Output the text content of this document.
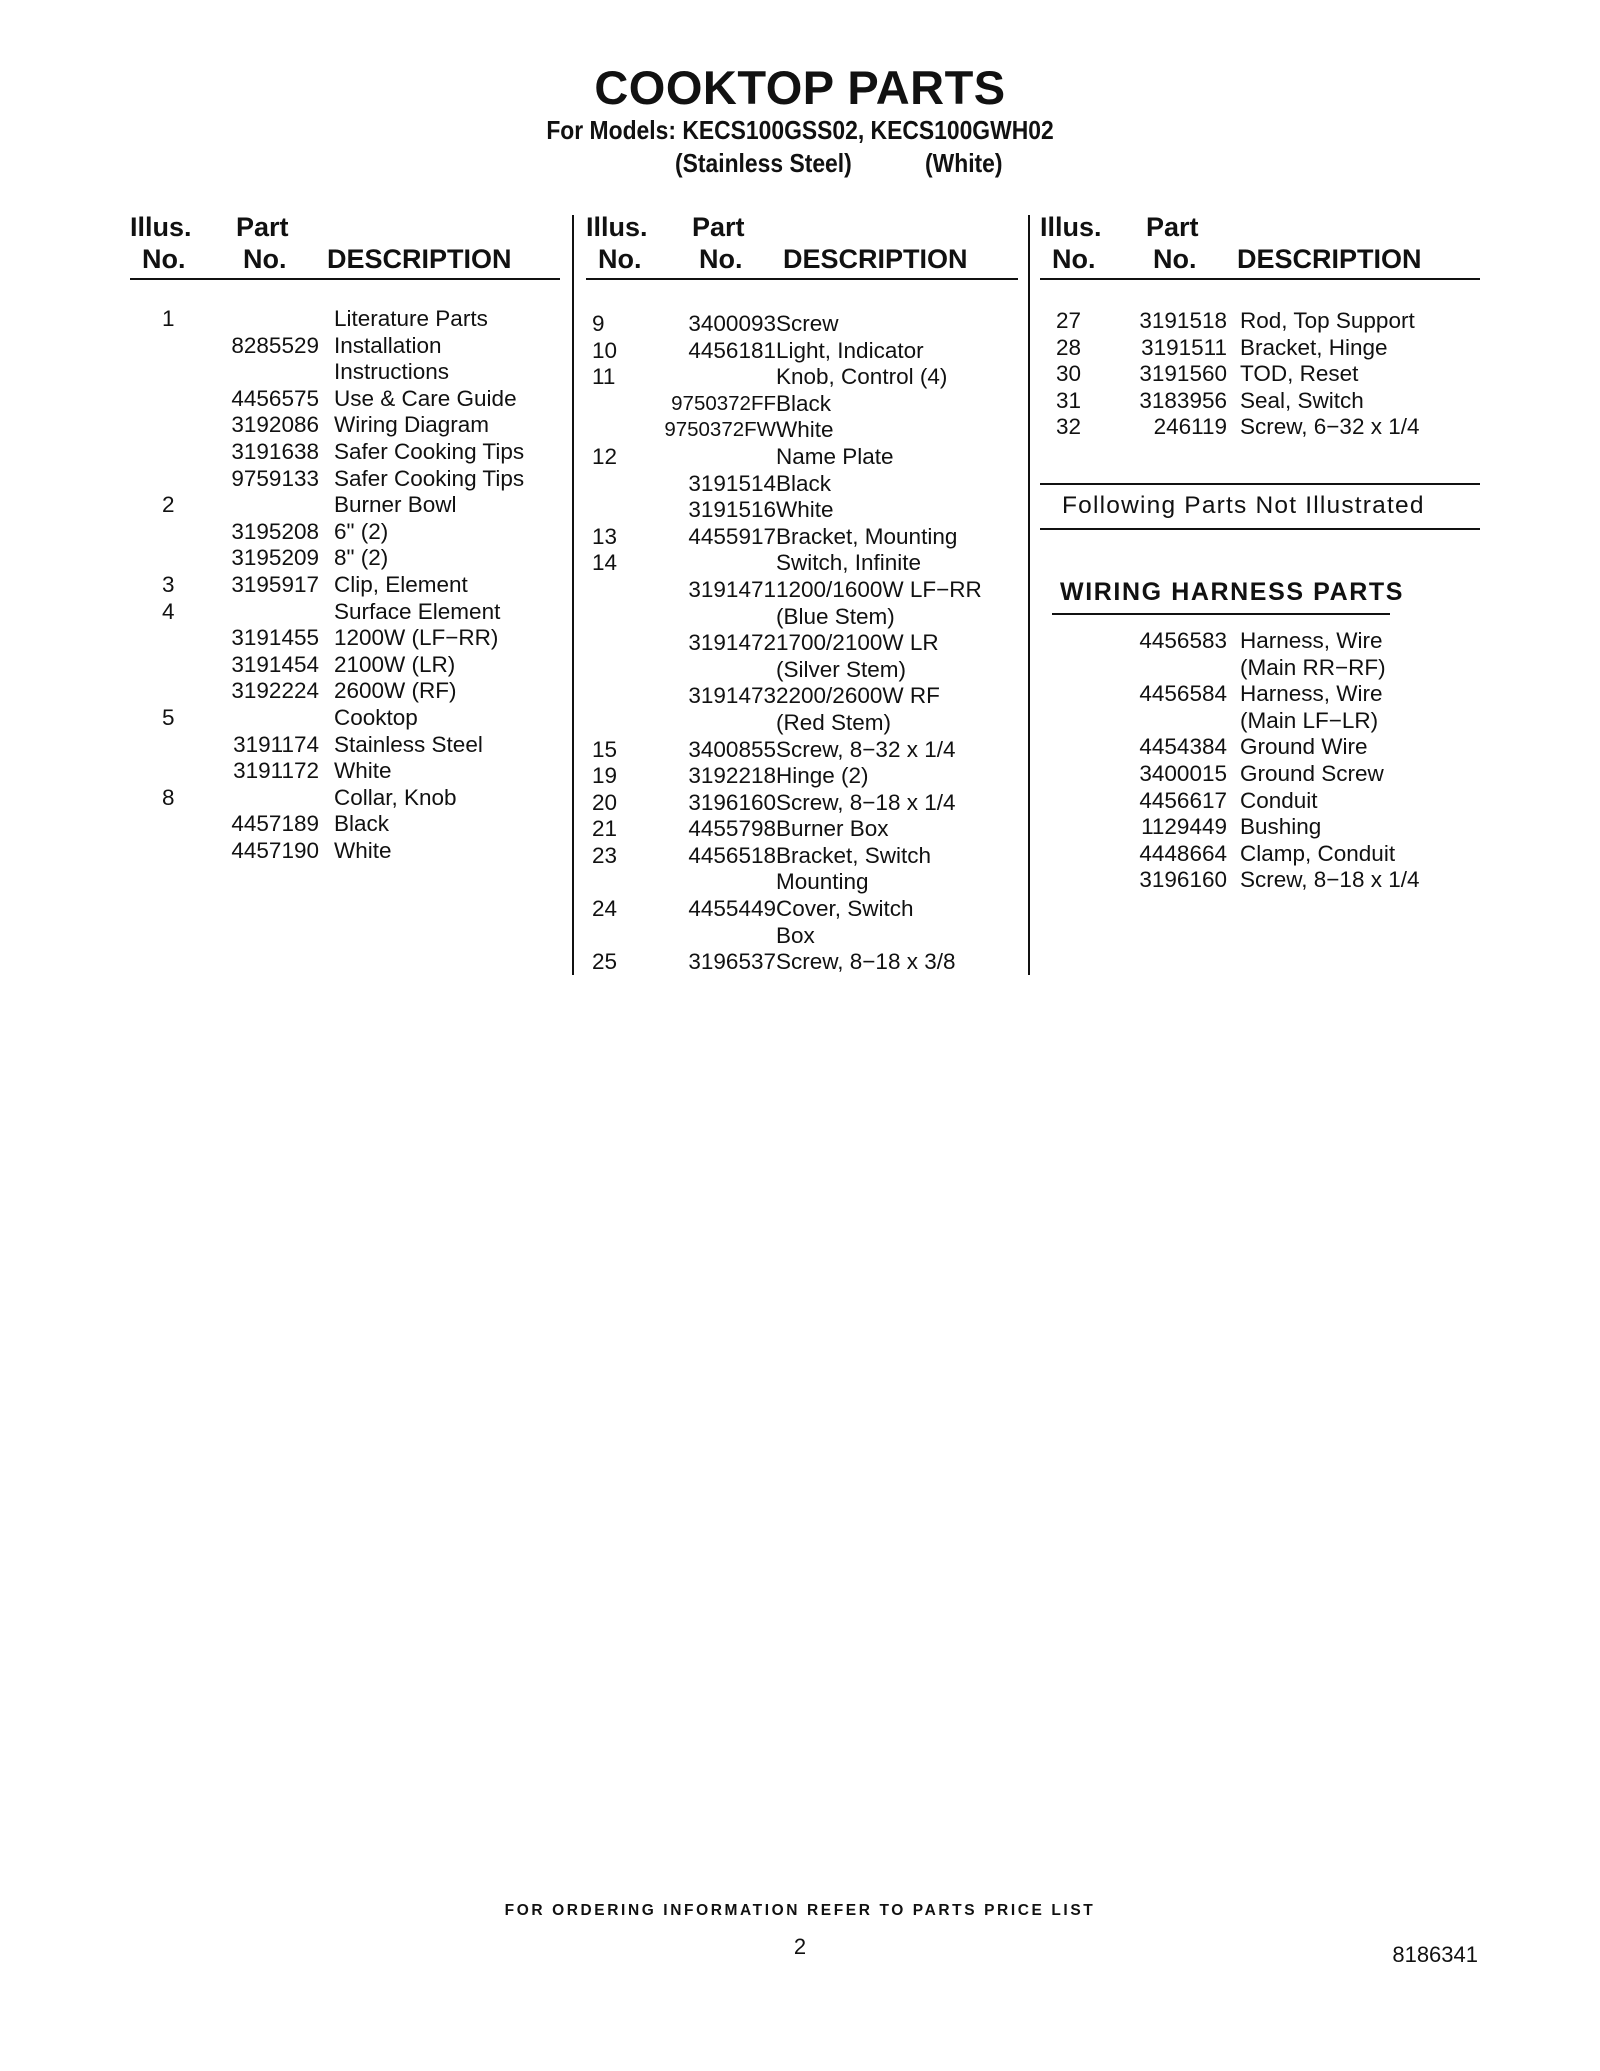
COOKTOP PARTS
For Models: KECS100GSS02, KECS100GWH02
(Stainless Steel)	(White)
Illus. Part
No. No. DESCRIPTION
1	Literature Parts
8285529 Installation
Instructions
4456575 Use & Care Guide
3192086 Wiring Diagram
3191638 Safer Cooking Tips
9759133 Safer Cooking Tips
2	Burner Bowl
3195208 6" (2)
3195209 8" (2)
3	3195917 Clip, Element
4	Surface Element
3191455 1200W (LF−RR)
3191454 2100W (LR)
3192224 2600W (RF)
5	Cooktop
3191174 Stainless Steel
3191172 White
8	Collar, Knob
4457189 Black
4457190 White
Illus. Part
No. No. DESCRIPTION
9	3400093 Screw
10	4456181 Light, Indicator
11	Knob, Control (4)
9750372FF Black
9750372FW White
12	Name Plate
3191514 Black
3191516 White
13	4455917 Bracket, Mounting
14	Switch, Infinite
3191471 1200/1600W LF−RR
(Blue Stem)
3191472 1700/2100W LR
(Silver Stem)
3191473 2200/2600W RF
(Red Stem)
15	3400855 Screw, 8−32 x 1/4
19	3192218 Hinge (2)
20	3196160 Screw, 8−18 x 1/4
21	4455798 Burner Box
23	4456518 Bracket, Switch
Mounting
24	4455449 Cover, Switch
Box
25	3196537 Screw, 8−18 x 3/8
Illus. Part
No. No. DESCRIPTION
27	3191518 Rod, Top Support
28	3191511 Bracket, Hinge
30	3191560 TOD, Reset
31	3183956 Seal, Switch
32	246119 Screw, 6−32 x 1/4
4456583 Harness, Wire
(Main RR−RF)
4456584 Harness, Wire
(Main LF−LR)
4454384 Ground Wire
3400015 Ground Screw
4456617 Conduit
1129449 Bushing
4448664 Clamp, Conduit
3196160 Screw, 8−18 x 1/4
Following Parts Not Illustrated
WIRING HARNESS PARTS
FOR ORDERING INFORMATION REFER TO PARTS PRICE LIST
2	8186341
